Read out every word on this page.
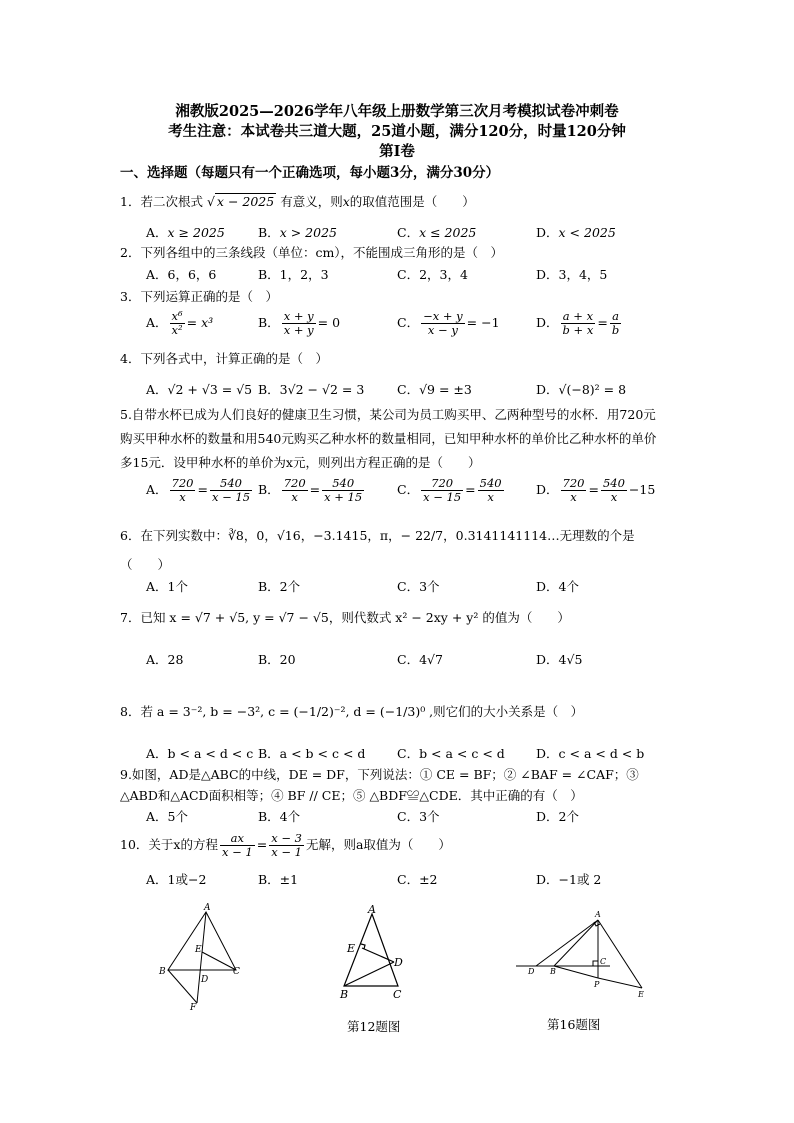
湘教版2025—2026学年八年级上册数学第三次月考模拟试卷冲刺卷
考生注意：本试卷共三道大题，25道小题，满分120分，时量120分钟
第Ⅰ卷
一、选择题（每题只有一个正确选项，每小题3分，满分30分）
1．若二次根式 √ x − 2025 有意义，则x的取值范围是（　　）
A．x ≥ 2025	B．x > 2025	C．x ≤ 2025	D．x < 2025
2．下列各组中的三条线段（单位：cm），不能围成三角形的是（　）
A．6，6，6	B．1，2，3	C．2，3，4	D．3，4，5
3．下列运算正确的是（　）
A． $\frac{\text{x⁶}}{\text{x²}} = x^3$	B． $\frac{x + y}{x + y} = 0$	C． $\frac{-x + y}{x - y} = -1$	D． $\frac{a + x}{b + x} = \frac{a}{b}$
4．下列各式中，计算正确的是（　）
A．√2 + √3 = √5 B．3√2 − √2 = 3	C．√9 = ±3	D．√(−8)² = 8
5.自带水杯已成为人们良好的健康卫生习惯，某公司为员工购买甲、乙两种型号的水杯．用720元购买甲种水杯的数量和用540元购买乙种水杯的数量相同，已知甲种水杯的单价比乙种水杯的单价多15元．设甲种水杯的单价为x元，则列出方程正确的是（　　）
A． $\frac{720}{x} = \frac{540}{x - 15}$ B． $\frac{720}{x} = \frac{540}{x + 15}$	C． $\frac{720}{x - 15} = \frac{540}{x}$	D． $\frac{720}{x} = \frac{540}{x} -15$
6．在下列实数中：∛8，0，√16，−3.1415，π，− 22/7，0.3141141114…无理数的个是
（　　）
A．1个	B．2个	C．3个	D．4个
7．已知 x = √7 + √5, y = √7 − √5，则代数式 x² − 2xy + y² 的值为（　　）
A．28	B．20	C．4√7	D．4√5
8．若 a = 3⁻², b = −3², c = (−1/2)⁻², d = (−1/3)⁰ ,则它们的大小关系是（　）
A．b < a < d < c B．a < b < c < d	C．b < a < c < d D．c < a < d < b
9.如图，AD是△ABC的中线，DE = DF，下列说法：① CE = BF；② ∠BAF = ∠CAF；③
△ABD和△ACD面积相等；④ BF // CE；⑤ △BDF≌△CDE．其中正确的有（　）
A．5个	B．4个	C．3个	D．2个
10．关于x的方程 $\frac{ax}{x - 1} = \frac{x - 3}{x - 1}$ 无解，则a取值为（　　）
A．1或−2	B．±1	C．±2	D．−1或 2
A
E
B
D
C
F
A
E
D
B	C
第12题图
A
D B
C
P
E
第16题图
